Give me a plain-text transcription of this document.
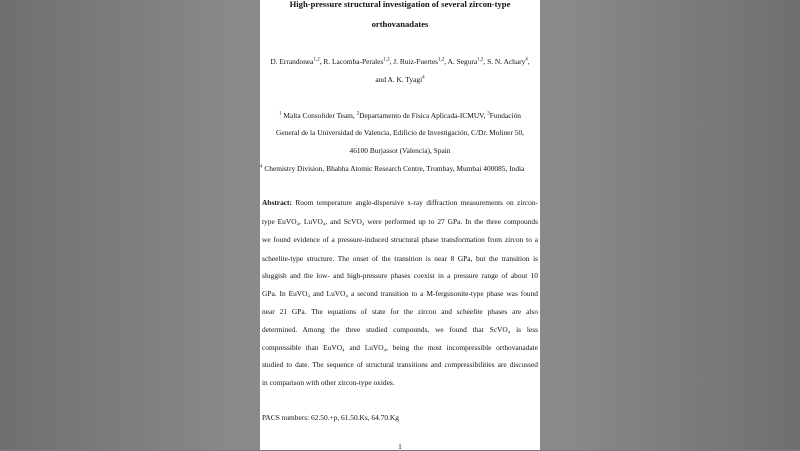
High-pressure structural investigation of several zircon-type
orthovanadates
D. Errandonea$^{1,2}$, R. Lacomba-Perales$^{1,2}$, J. Ruiz-Fuertes$^{1,2}$, A. Segura$^{1,2}$, S. N. Achary$^4$,
and A. K. Tyagi$^4$
$^1$ Malta Consolider Team, $^2$Departamento de Física Aplicada-ICMUV, $^3$Fundación
General de la Universidad de Valencia, Edificio de Investigación, C/Dr. Moliner 50,
46100 Burjassot (Valencia), Spain
$^4$ Chemistry Division, Bhabha Atomic Research Centre, Trombay, Mumbai 400085, India
Abstract: Room temperature angle-dispersive x-ray diffraction measurements on zircon-
type EuVO₄, LuVO₄, and ScVO₄ were performed up to 27 GPa. In the three compounds
we found evidence of a pressure-induced structural phase transformation from zircon to a
scheelite-type structure. The onset of the transition is near 8 GPa, but the transition is
sluggish and the low- and high-pressure phases coexist in a pressure range of about 10
GPa. In EuVO₄ and LuVO₄ a second transition to a M-fergusonite-type phase was found
near 21 GPa. The equations of state for the zircon and scheelite phases are also
determined. Among the three studied compounds, we found that ScVO₄ is less
compressible than EuVO₄ and LuVO₄, being the most incompressible orthovanadate
studied to date. The sequence of structural transitions and compressibilities are discussed
in comparison with other zircon-type oxides.
PACS numbers: 62.50.+p, 61.50.Ks, 64.70.Kg
1
